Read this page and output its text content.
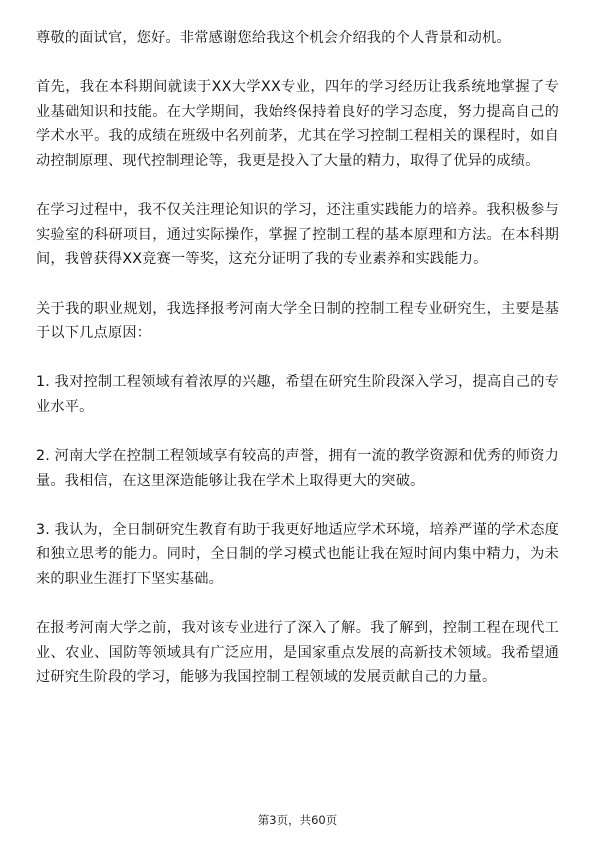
尊敬的面试官，您好。非常感谢您给我这个机会介绍我的个人背景和动机。

首先，我在本科期间就读于XX大学XX专业，四年的学习经历让我系统地掌握了专业基础知识和技能。在大学期间，我始终保持着良好的学习态度，努力提高自己的学术水平。我的成绩在班级中名列前茅，尤其在学习控制工程相关的课程时，如自动控制原理、现代控制理论等，我更是投入了大量的精力，取得了优异的成绩。

在学习过程中，我不仅关注理论知识的学习，还注重实践能力的培养。我积极参与实验室的科研项目，通过实际操作，掌握了控制工程的基本原理和方法。在本科期间，我曾获得XX竞赛一等奖，这充分证明了我的专业素养和实践能力。

关于我的职业规划，我选择报考河南大学全日制的控制工程专业研究生，主要是基于以下几点原因：

1. 我对控制工程领域有着浓厚的兴趣，希望在研究生阶段深入学习，提高自己的专业水平。

2. 河南大学在控制工程领域享有较高的声誉，拥有一流的教学资源和优秀的师资力量。我相信，在这里深造能够让我在学术上取得更大的突破。

3. 我认为，全日制研究生教育有助于我更好地适应学术环境，培养严谨的学术态度和独立思考的能力。同时，全日制的学习模式也能让我在短时间内集中精力，为未来的职业生涯打下坚实基础。

在报考河南大学之前，我对该专业进行了深入了解。我了解到，控制工程在现代工业、农业、国防等领域具有广泛应用，是国家重点发展的高新技术领域。我希望通过研究生阶段的学习，能够为我国控制工程领域的发展贡献自己的力量。

第3页，共60页
